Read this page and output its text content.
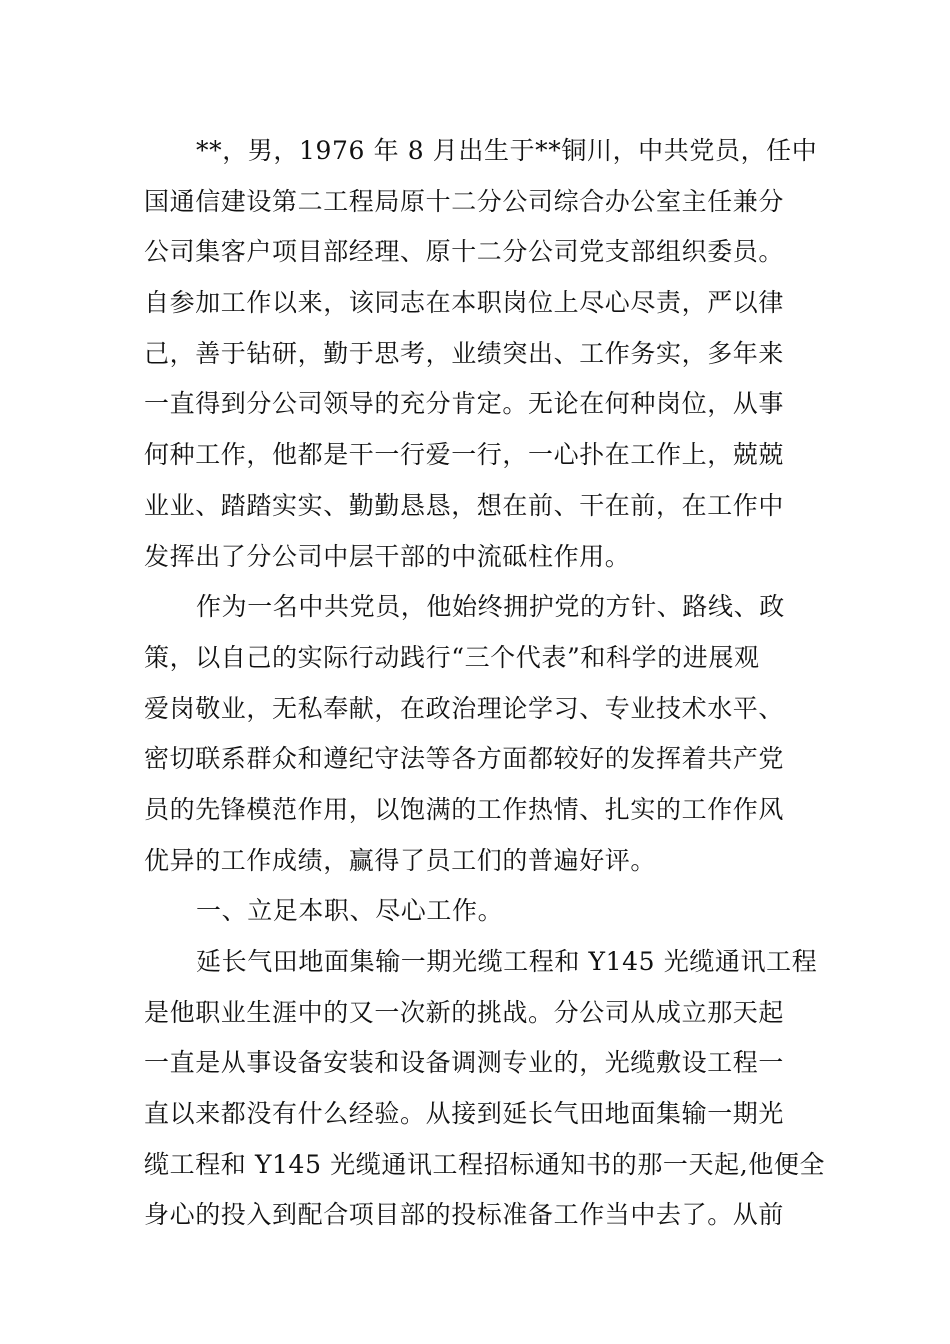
**，男，1976 年 8 月出生于**铜川，中共党员，任中
国通信建设第二工程局原十二分公司综合办公室主任兼分
公司集客户项目部经理、原十二分公司党支部组织委员。
自参加工作以来，该同志在本职岗位上尽心尽责，严以律
己，善于钻研，勤于思考，业绩突出、工作务实，多年来
一直得到分公司领导的充分肯定。无论在何种岗位，从事
何种工作，他都是干一行爱一行，一心扑在工作上，兢兢
业业、踏踏实实、勤勤恳恳，想在前、干在前，在工作中
发挥出了分公司中层干部的中流砥柱作用。
作为一名中共党员，他始终拥护党的方针、路线、政
策，以自己的实际行动践行“三个代表”和科学的进展观
爱岗敬业，无私奉献，在政治理论学习、专业技术水平、
密切联系群众和遵纪守法等各方面都较好的发挥着共产党
员的先锋模范作用，以饱满的工作热情、扎实的工作作风
优异的工作成绩，赢得了员工们的普遍好评。
一、立足本职、尽心工作。
延长气田地面集输一期光缆工程和 Y145 光缆通讯工程
是他职业生涯中的又一次新的挑战。分公司从成立那天起
一直是从事设备安装和设备调测专业的，光缆敷设工程一
直以来都没有什么经验。从接到延长气田地面集输一期光
缆工程和 Y145 光缆通讯工程招标通知书的那一天起,他便全
身心的投入到配合项目部的投标准备工作当中去了。从前
